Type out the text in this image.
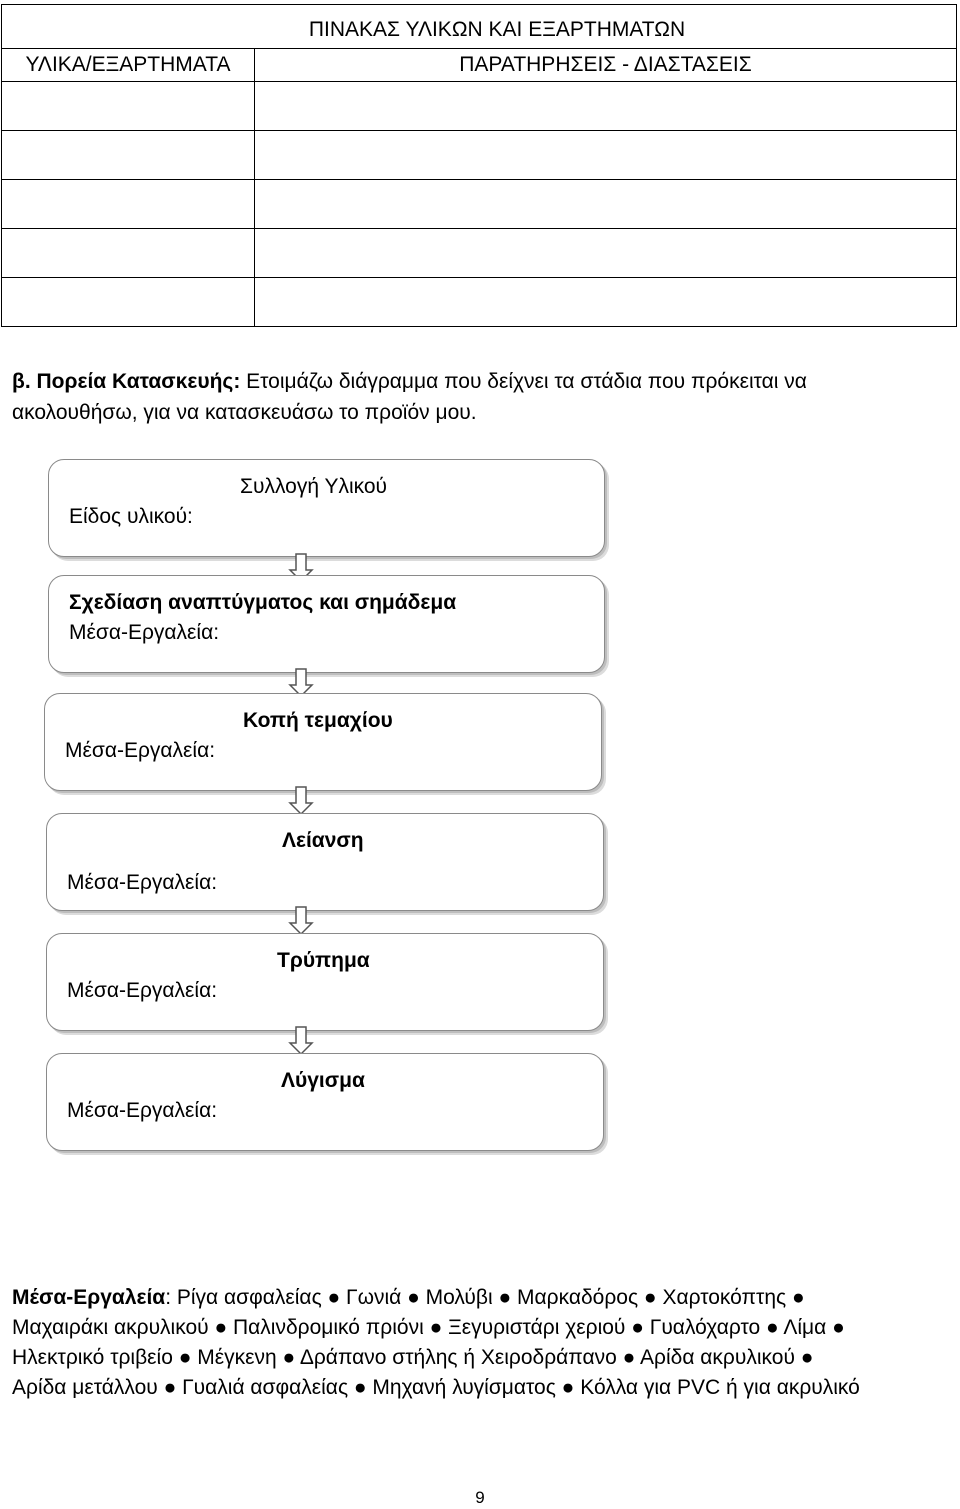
ΠΙΝΑΚΑΣ ΥΛΙΚΩΝ ΚΑΙ ΕΞΑΡΤΗΜΑΤΩΝ	
ΥΛΙΚΑ/ΕΞΑΡΤΗΜΑΤΑ	ΠΑΡΑΤΗΡΗΣΕΙΣ - ΔΙΑΣΤΑΣΕΙΣ

β. Πορεία Κατασκευής: Ετοιμάζω διάγραμμα που δείχνει τα στάδια που πρόκειται να ακολουθήσω, για να κατασκευάσω το προϊόν μου.
Συλλογή Υλικού
Είδος υλικού:
Σχεδίαση αναπτύγματος και σημάδεμα
Μέσα-Εργαλεία:
Κοπή τεμαχίου
Μέσα-Εργαλεία:
Λείανση
Μέσα-Εργαλεία:
Τρύπημα
Μέσα-Εργαλεία:
Λύγισμα
Μέσα-Εργαλεία:
Μέσα-Εργαλεία: Ρίγα ασφαλείας ● Γωνιά ● Μολύβι ● Μαρκαδόρος ● Χαρτοκόπτης ●
Μαχαιράκι ακρυλικού ● Παλινδρομικό πριόνι ● Ξεγυριστάρι χεριού ● Γυαλόχαρτο ● Λίμα ●
Ηλεκτρικό τριβείο ● Μέγκενη ● Δράπανο στήλης ή Χειροδράπανο ● Αρίδα ακρυλικού ●
Αρίδα μετάλλου ● Γυαλιά ασφαλείας ● Μηχανή λυγίσματος ● Κόλλα για PVC ή για ακρυλικό
9
